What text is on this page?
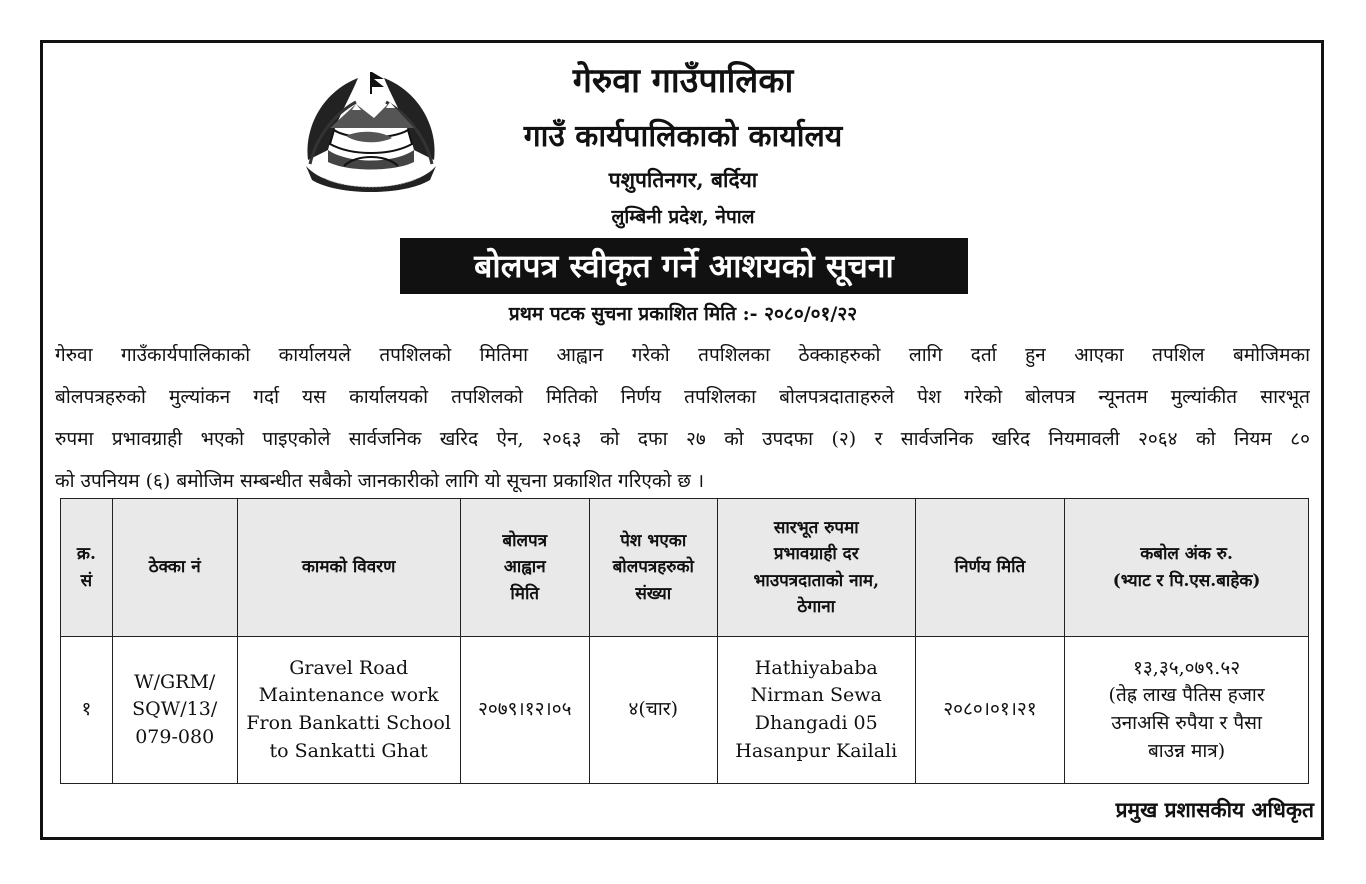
गेरुवा गाउँपालिका
गाउँ कार्यपालिकाको कार्यालय
पशुपतिनगर, बर्दिया
लुम्बिनी प्रदेश, नेपाल
बोलपत्र स्वीकृत गर्ने आशयको सूचना
प्रथम पटक सुचना प्रकाशित मिति :- २०८०/०१/२२
गेरुवा गाउँकार्यपालिकाको कार्यालयले तपशिलको मितिमा आह्वान गरेको तपशिलका ठेक्काहरुको लागि दर्ता हुन आएका तपशिल बमोजिमका
बोलपत्रहरुको मुल्यांकन गर्दा यस कार्यालयको तपशिलको मितिको निर्णय तपशिलका बोलपत्रदाताहरुले पेश गरेको बोलपत्र न्यूनतम मुल्यांकीत सारभूत
रुपमा प्रभावग्राही भएको पाइएकोले सार्वजनिक खरिद ऐन, २०६३ को दफा २७ को उपदफा (२) र सार्वजनिक खरिद नियमावली २०६४ को नियम ८०
को उपनियम (६) बमोजिम सम्बन्धीत सबैको जानकारीको लागि यो सूचना प्रकाशित गरिएको छ ।
क्र.
सं	ठेक्का नं	कामको विवरण	बोलपत्र
आह्वान
मिति	पेश भएका
बोलपत्रहरुको
संख्या	सारभूत रुपमा
प्रभावग्राही दर
भाउपत्रदाताको नाम,
ठेगाना	निर्णय मिति	कबोल अंक रु.
(भ्याट र पि.एस.बाहेक)
१	W/GRM/
SQW/13/
079-080	Gravel Road
Maintenance work
Fron Bankatti School
to Sankatti Ghat	२०७९।१२।०५	४(चार)	Hathiyababa
Nirman Sewa
Dhangadi 05
Hasanpur Kailali	२०८०।०१।२१	१३,३५,०७९.५२
(तेह्र लाख पैतिस हजार
उनाअसि रुपैया र पैसा
बाउन्न मात्र)
प्रमुख प्रशासकीय अधिकृत
